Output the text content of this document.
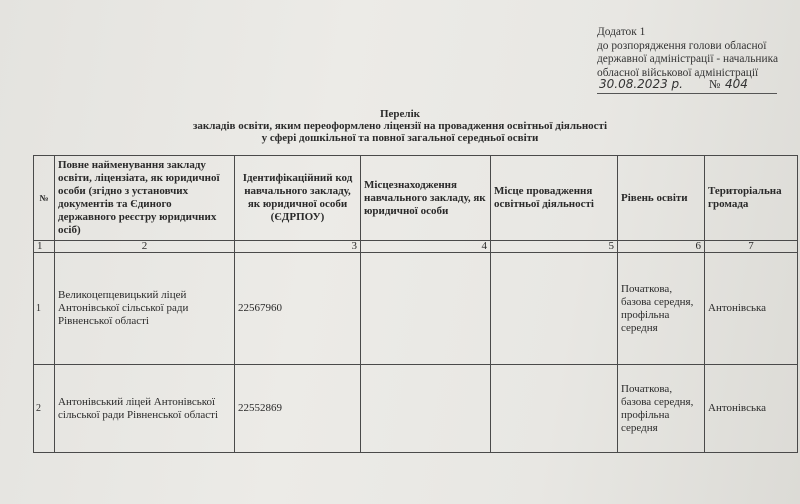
Додаток 1
до розпорядження голови обласної
державної адміністрації - начальника
обласної військової адміністрації
30.08.2023 р. № 404
Перелік
закладів освіти, яким переоформлено ліцензії на провадження освітньої діяльності
у сфері дошкільної та повної загальної середньої освіти
№	Повне найменування закладу освіти, ліцензіата, як юридичної особи (згідно з установчих документів та Єдиного державного реєстру юридичних осіб)	Ідентифікаційний код навчального закладу, як юридичної особи (ЄДРПОУ)	Місцезнаходження навчального закладу, як юридичної особи	Місце провадження освітньої діяльності	Рівень освіти	Територіальна громада
1	2	3	4	5	6	7
1	Великоцепцевицький ліцей Антонівської сільської ради Рівненської області	22567960			Початкова, базова середня, профільна середня	Антонівська
2	Антонівський ліцей Антонівської сільської ради Рівненської області	22552869			Початкова, базова середня, профільна середня	Антонівська
